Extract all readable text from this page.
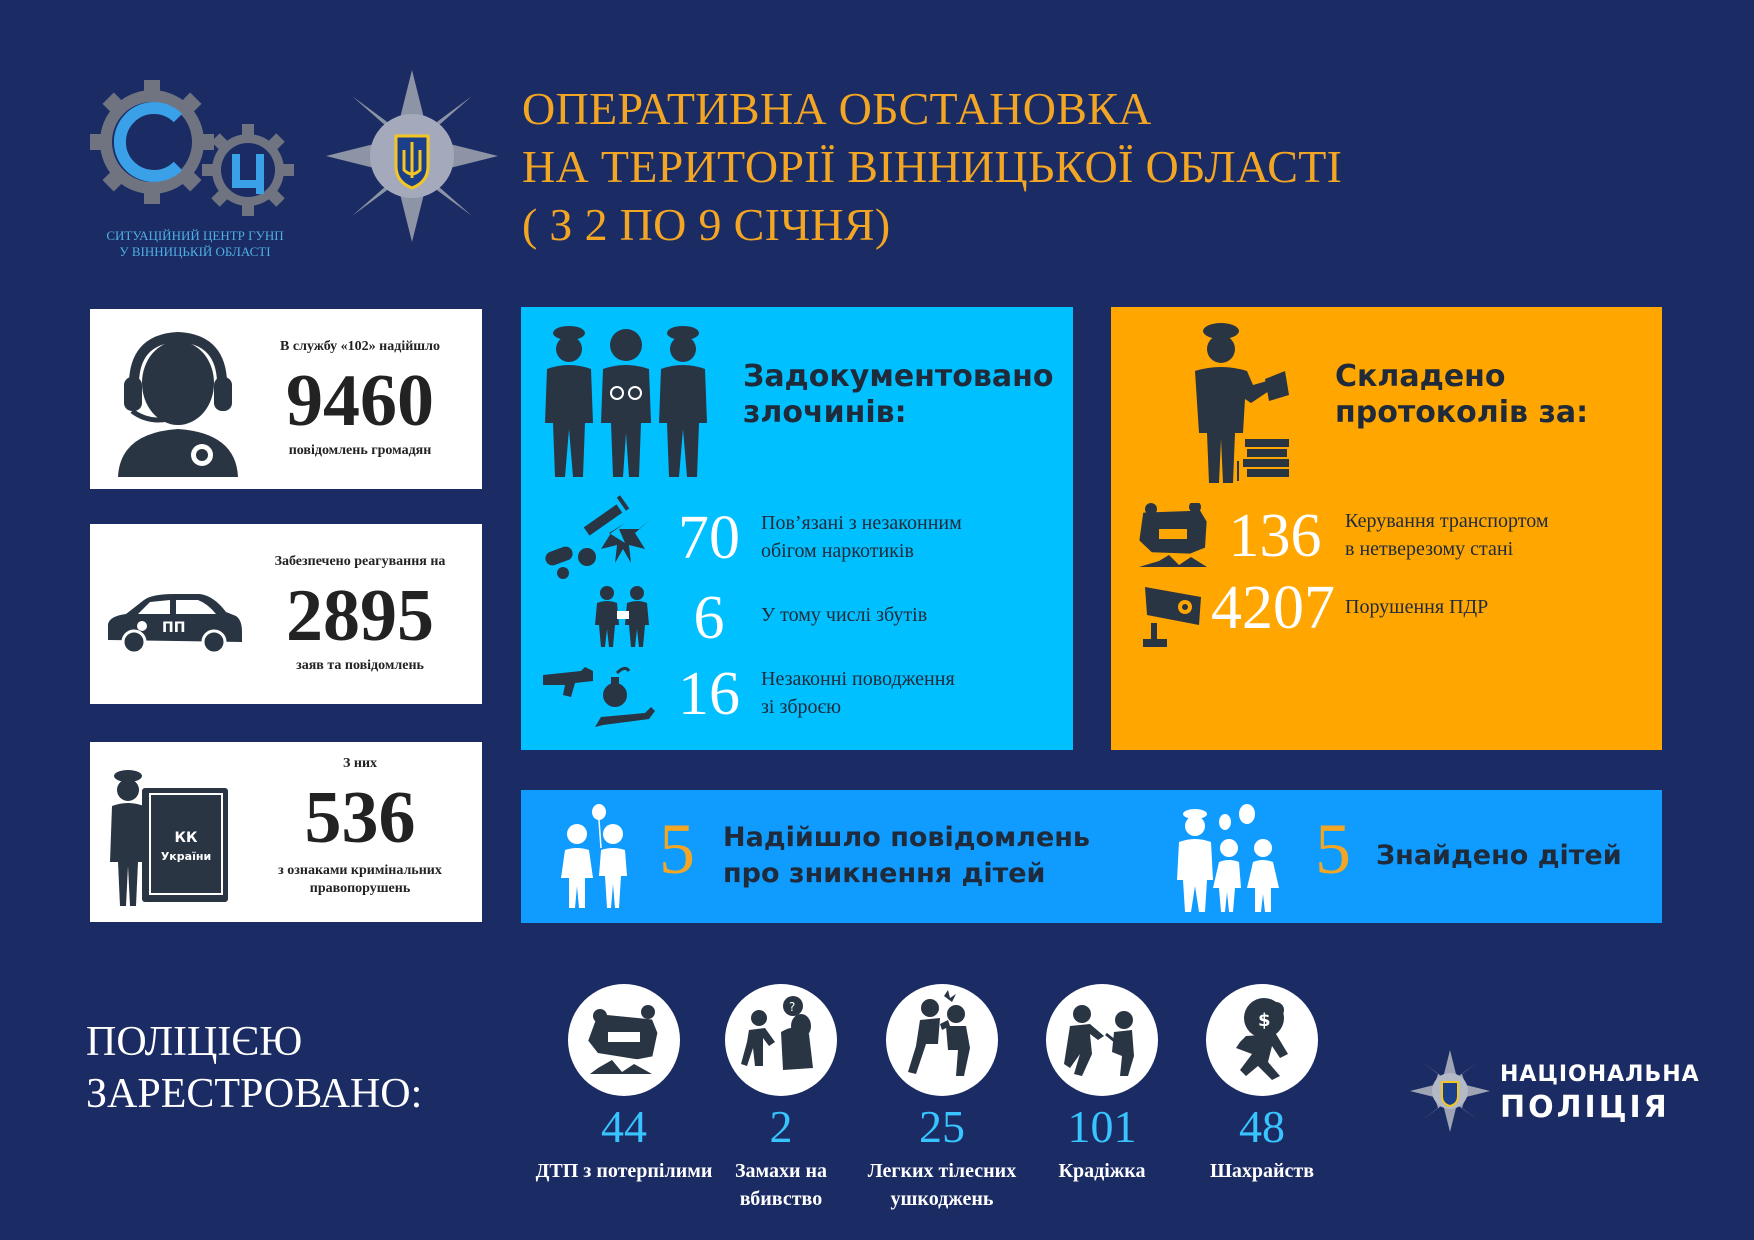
СИТУАЦІЙНИЙ ЦЕНТР ГУНП
У ВІННИЦЬКІЙ ОБЛАСТІ
ОПЕРАТИВНА ОБСТАНОВКА
НА ТЕРИТОРІЇ ВІННИЦЬКОЇ ОБЛАСТІ
( З 2 ПО 9 СІЧНЯ)
В службу «102» надійшло
9460
повідомлень громадян
ПП
Забезпечено реагування на
2895
заяв та повідомлень
КК
України
З них
536
з ознаками кримінальних
правопорушень
Задокументовано
злочинів:
70	Пов’язані з незаконним
обігом наркотиків
6	У тому числі збутів
16	Незаконні поводження
зі зброєю
Складено
протоколів за:
136	Керування транспортом
в нетверезому стані
4207 Порушення ПДР
5 Надійшло повідомлень
про зникнення дітей	5 Знайдено дітей
ПОЛІЦІЄЮ
ЗАРЕСТРОВАНО:
44
ДТП з потерпілими
?
2
Замахи на
вбивство
25
Легких тілесних
ушкоджень
101
Крадіжка
$
48
Шахрайств
НАЦІОНАЛЬНА
ПОЛІЦІЯ
